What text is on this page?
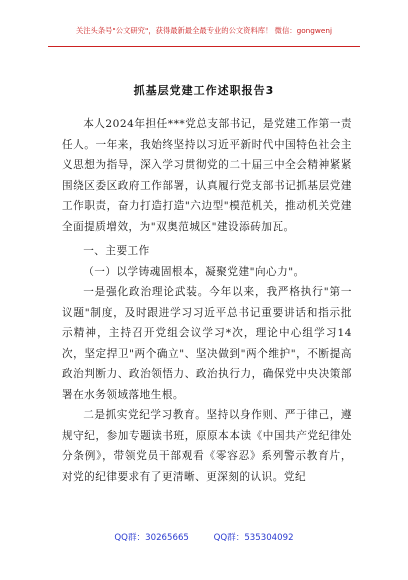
关注头条号"公文研究"，获得最新最全最专业的公文资料库！ 微信：gongwenj
抓基层党建工作述职报告3

本人2024年担任***党总支部书记，是党建工作第一责任人。一年来，我始终坚持以习近平新时代中国特色社会主义思想为指导，深入学习贯彻党的二十届三中全会精神紧紧围绕区委区政府工作部署，认真履行党支部书记抓基层党建工作职责，奋力打造打造"六边型"模范机关，推动机关党建全面提质增效，为"双奥范城区"建设添砖加瓦。

一、主要工作

（一）以学铸魂固根本，凝聚党建"向心力"。

一是强化政治理论武装。今年以来，我严格执行"第一议题"制度，及时跟进学习习近平总书记重要讲话和指示批示精神，主持召开党组会议学习*次，理论中心组学习14次，坚定捍卫"两个确立"、坚决做到"两个维护"，不断提高政治判断力、政治领悟力、政治执行力，确保党中央决策部署在水务领域落地生根。

二是抓实党纪学习教育。坚持以身作则、严于律己，遵规守纪，参加专题读书班，原原本本读《中国共产党纪律处分条例》，带领党员干部观看《零容忍》系列警示教育片，对党的纪律要求有了更清晰、更深刻的认识。党纪

QQ群：30265665	QQ群：535304092
